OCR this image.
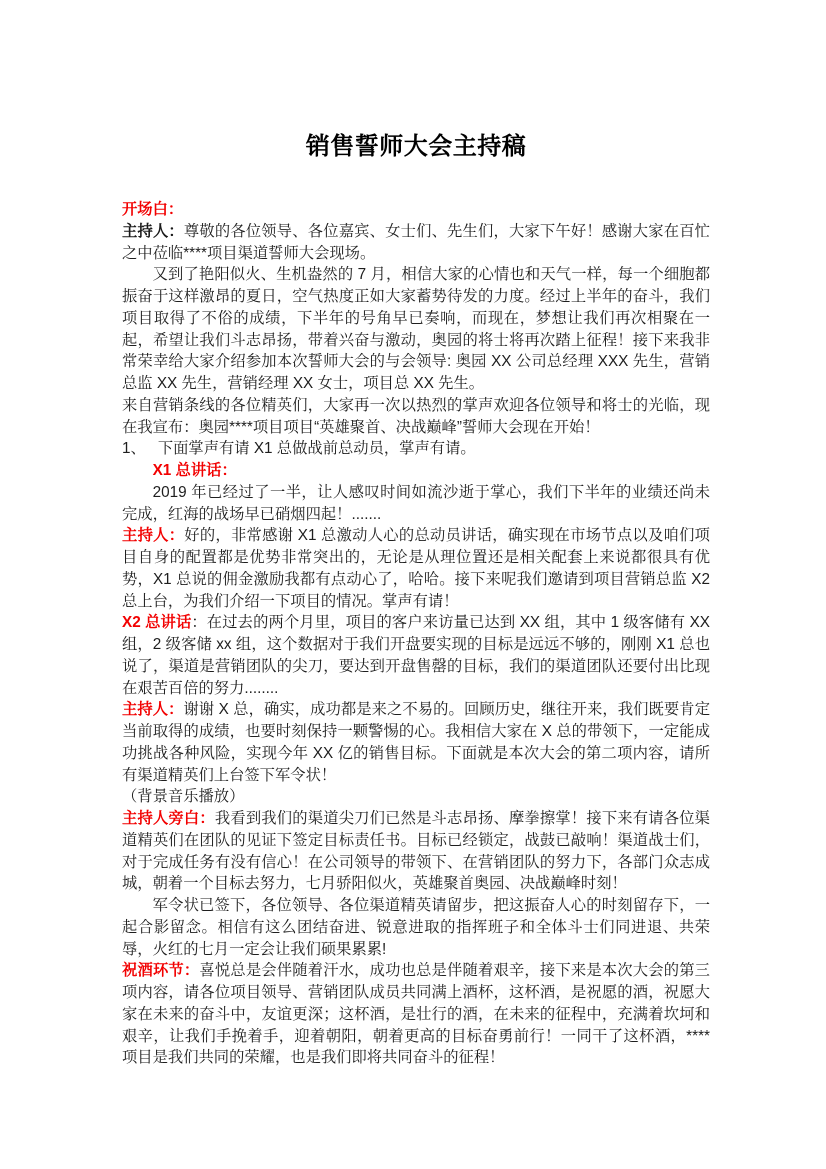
销售誓师大会主持稿

开场白：

主持人：尊敬的各位领导、各位嘉宾、女士们、先生们，大家下午好！感谢大家在百忙之中莅临****项目渠道誓师大会现场。

又到了艳阳似火、生机盎然的 7 月，相信大家的心情也和天气一样，每一个细胞都振奋于这样激昂的夏日，空气热度正如大家蓄势待发的力度。经过上半年的奋斗，我们项目取得了不俗的成绩，下半年的号角早已奏响，而现在，梦想让我们再次相聚在一起，希望让我们斗志昂扬，带着兴奋与激动，奥园的将士将再次踏上征程！接下来我非常荣幸给大家介绍参加本次誓师大会的与会领导: 奥园 XX 公司总经理 XXX 先生，营销总监 XX 先生，营销经理 XX 女士，项目总 XX 先生。

来自营销条线的各位精英们，大家再一次以热烈的掌声欢迎各位领导和将士的光临，现在我宣布：奥园****项目项目“英雄聚首、决战巅峰”誓师大会现在开始！

1、 下面掌声有请 X1 总做战前总动员，掌声有请。

X1 总讲话：

2019 年已经过了一半，让人感叹时间如流沙逝于掌心，我们下半年的业绩还尚未完成，红海的战场早已硝烟四起！.......

主持人：好的，非常感谢 X1 总激动人心的总动员讲话，确实现在市场节点以及咱们项目自身的配置都是优势非常突出的，无论是从理位置还是相关配套上来说都很具有优势，X1 总说的佣金激励我都有点动心了，哈哈。接下来呢我们邀请到项目营销总监 X2 总上台，为我们介绍一下项目的情况。掌声有请！

X2 总讲话：在过去的两个月里，项目的客户来访量已达到 XX 组，其中 1 级客储有 XX 组，2 级客储 xx 组，这个数据对于我们开盘要实现的目标是远远不够的，刚刚 X1 总也说了，渠道是营销团队的尖刀，要达到开盘售罄的目标，我们的渠道团队还要付出比现在艰苦百倍的努力........

主持人：谢谢 X 总，确实，成功都是来之不易的。回顾历史，继往开来，我们既要肯定当前取得的成绩，也要时刻保持一颗警惕的心。我相信大家在 X 总的带领下，一定能成功挑战各种风险，实现今年 XX 亿的销售目标。下面就是本次大会的第二项内容，请所有渠道精英们上台签下军令状！

（背景音乐播放）

主持人旁白：我看到我们的渠道尖刀们已然是斗志昂扬、摩拳擦掌！接下来有请各位渠道精英们在团队的见证下签定目标责任书。目标已经锁定，战鼓已敲响！渠道战士们，对于完成任务有没有信心！在公司领导的带领下、在营销团队的努力下，各部门众志成城，朝着一个目标去努力，七月骄阳似火，英雄聚首奥园、决战巅峰时刻！

军令状已签下，各位领导、各位渠道精英请留步，把这振奋人心的时刻留存下，一起合影留念。相信有这么团结奋进、锐意进取的指挥班子和全体斗士们同进退、共荣辱，火红的七月一定会让我们硕果累累!

祝酒环节：喜悦总是会伴随着汗水，成功也总是伴随着艰辛，接下来是本次大会的第三项内容，请各位项目领导、营销团队成员共同满上酒杯，这杯酒，是祝愿的酒，祝愿大家在未来的奋斗中，友谊更深；这杯酒，是壮行的酒，在未来的征程中，充满着坎坷和艰辛，让我们手挽着手，迎着朝阳，朝着更高的目标奋勇前行！一同干了这杯酒，****项目是我们共同的荣耀，也是我们即将共同奋斗的征程！
